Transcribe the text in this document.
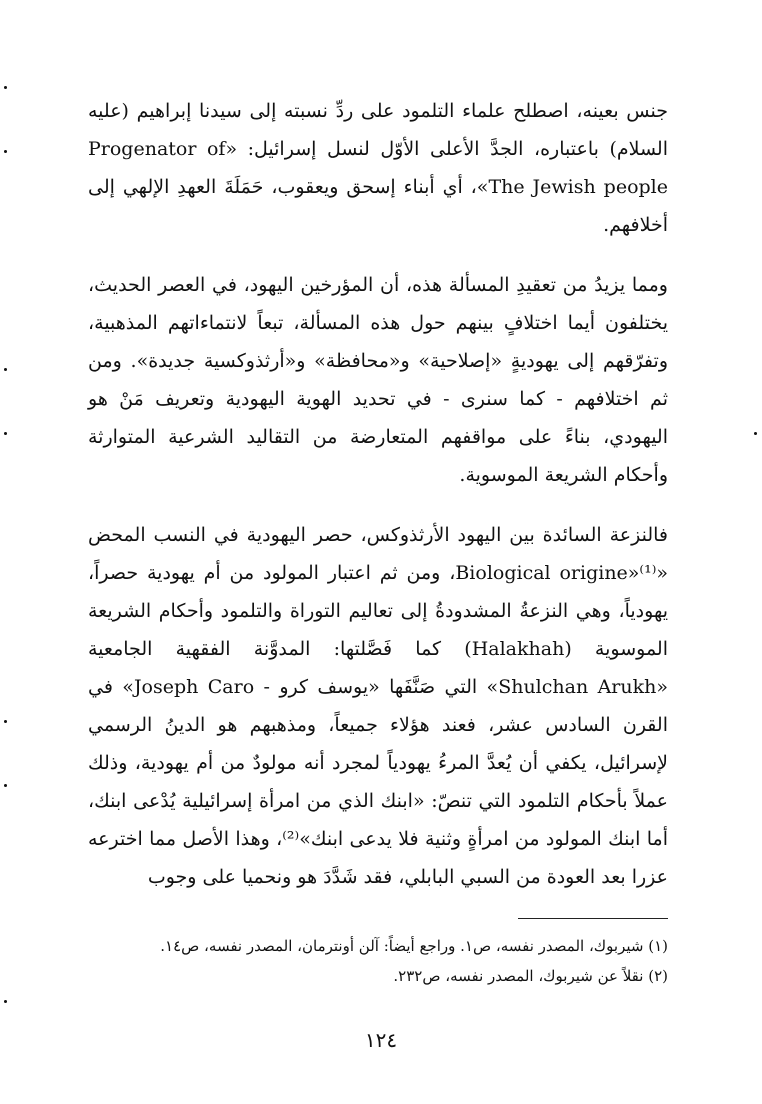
جنس بعينه، اصطلح علماء التلمود على ردِّ نسبته إلى سيدنا إبراهيم (عليه السلام) باعتباره، الجدَّ الأعلى الأوّل لنسل إسرائيل: «Progenator of The Jewish people»، أي أبناء إسحق ويعقوب، حَمَلَةَ العهدِ الإلهي إلى أخلافهم.

ومما يزيدُ من تعقيدِ المسألة هذه، أن المؤرخين اليهود، في العصر الحديث، يختلفون أيما اختلافٍ بينهم حول هذه المسألة، تبعاً لانتماءاتهم المذهبية، وتفرّقهم إلى يهوديةٍ «إصلاحية» و«محافظة» و«أرثذوكسية جديدة». ومن ثم اختلافهم - كما سنرى - في تحديد الهوية اليهودية وتعريف مَنْ هو اليهودي، بناءً على مواقفهم المتعارضة من التقاليد الشرعية المتوارثة وأحكام الشريعة الموسوية.

فالنزعة السائدة بين اليهود الأرثذوكس، حصر اليهودية في النسب المحض «Biological origine»⁽¹⁾، ومن ثم اعتبار المولود من أم يهودية حصراً، يهودياً، وهي النزعةُ المشدودةُ إلى تعاليم التوراة والتلمود وأحكام الشريعة الموسوية (Halakhah) كما فَصَّلتها: المدوَّنة الفقهية الجامعية «Shulchan Arukh» التي صَنَّفَها «يوسف كرو - Joseph Caro» في القرن السادس عشر، فعند هؤلاء جميعاً، ومذهبهم هو الدينُ الرسمي لإسرائيل، يكفي أن يُعدَّ المرءُ يهودياً لمجرد أنه مولودٌ من أم يهودية، وذلك عملاً بأحكام التلمود التي تنصّ: «ابنك الذي من امرأة إسرائيلية يُدْعى ابنك، أما ابنك المولود من امرأةٍ وثنية فلا يدعى ابنك»⁽²⁾، وهذا الأصل مما اخترعه عزرا بعد العودة من السبي البابلي، فقد شَدَّدَ هو ونحميا على وجوب

(١) شيربوك، المصدر نفسه، ص١. وراجع أيضاً: آلن أونترمان، المصدر نفسه، ص١٤.

(٢) نقلاً عن شيربوك، المصدر نفسه، ص٢٣٢.

١٢٤
